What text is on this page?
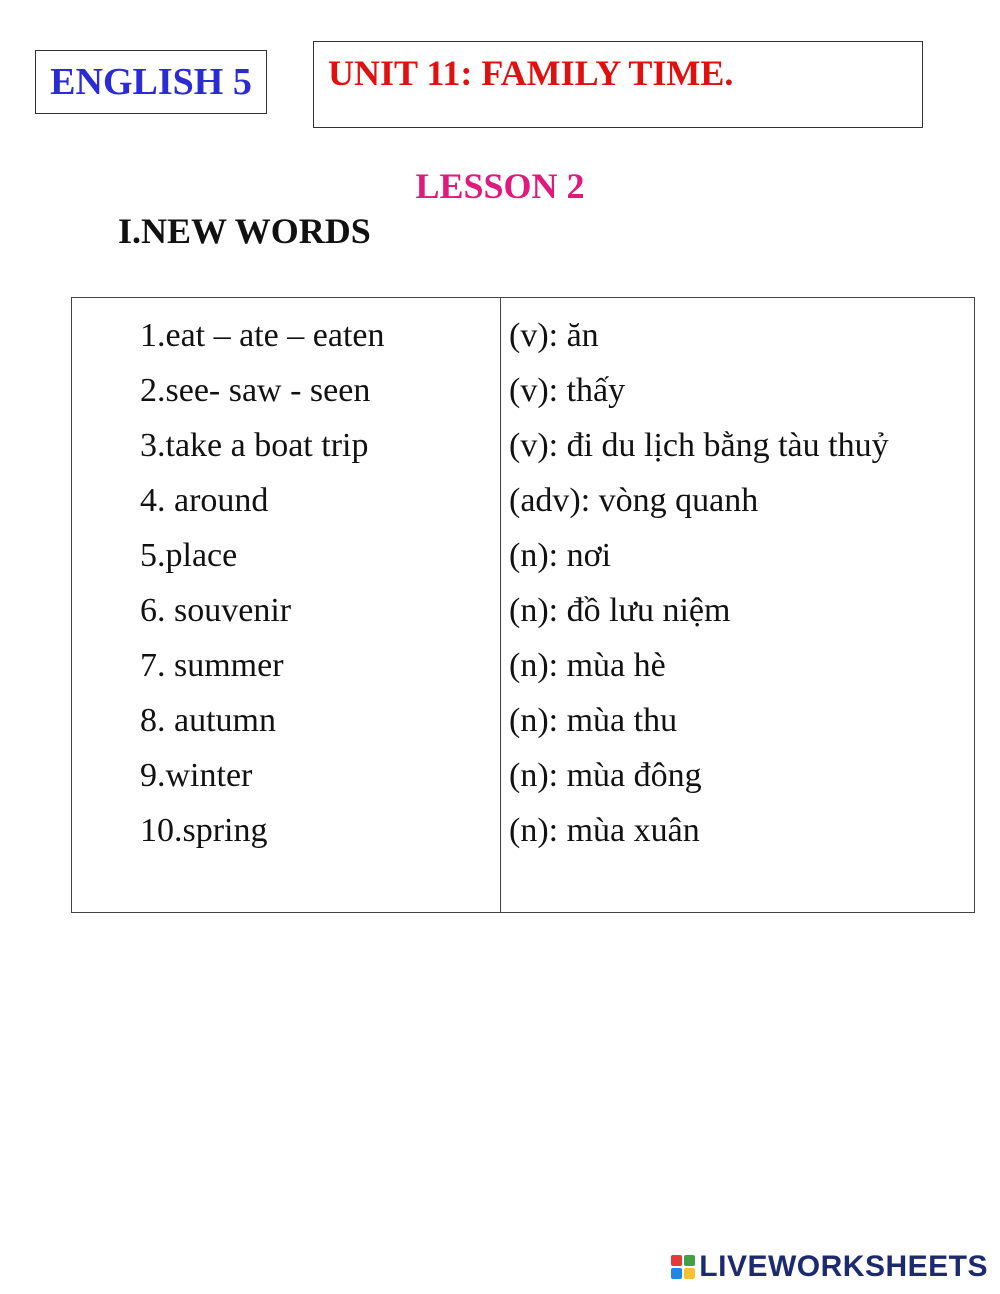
ENGLISH 5	UNIT 11: FAMILY TIME.
LESSON 2
I.NEW WORDS
1.eat – ate – eaten
2.see- saw - seen
3.take a boat trip
4. around
5.place
6. souvenir
7. summer
8. autumn
9.winter
10.spring
(v): ăn
(v): thấy
(v): đi du lịch bằng tàu thuỷ
(adv): vòng quanh
(n): nơi
(n): đồ lưu niệm
(n): mùa hè
(n): mùa thu
(n): mùa đông
(n): mùa xuân
LIVEWORKSHEETS
